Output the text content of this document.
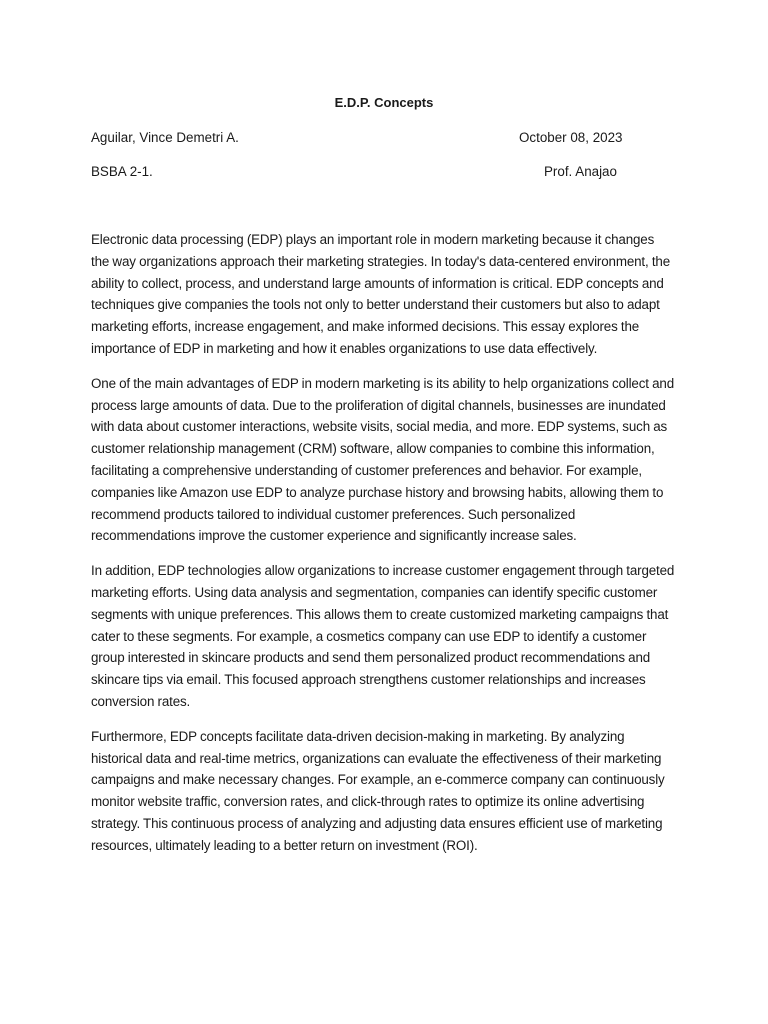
E.D.P. Concepts
Aguilar, Vince Demetri A.	October 08, 2023
BSBA 2-1.	Prof. Anajao

Electronic data processing (EDP) plays an important role in modern marketing because it changes the way organizations approach their marketing strategies. In today's data-centered environment, the ability to collect, process, and understand large amounts of information is critical. EDP concepts and techniques give companies the tools not only to better understand their customers but also to adapt marketing efforts, increase engagement, and make informed decisions. This essay explores the importance of EDP in marketing and how it enables organizations to use data effectively.

One of the main advantages of EDP in modern marketing is its ability to help organizations collect and process large amounts of data. Due to the proliferation of digital channels, businesses are inundated with data about customer interactions, website visits, social media, and more. EDP systems, such as customer relationship management (CRM) software, allow companies to combine this information, facilitating a comprehensive understanding of customer preferences and behavior. For example, companies like Amazon use EDP to analyze purchase history and browsing habits, allowing them to recommend products tailored to individual customer preferences. Such personalized recommendations improve the customer experience and significantly increase sales.

In addition, EDP technologies allow organizations to increase customer engagement through targeted marketing efforts. Using data analysis and segmentation, companies can identify specific customer segments with unique preferences. This allows them to create customized marketing campaigns that cater to these segments. For example, a cosmetics company can use EDP to identify a customer group interested in skincare products and send them personalized product recommendations and skincare tips via email. This focused approach strengthens customer relationships and increases conversion rates.

Furthermore, EDP concepts facilitate data-driven decision-making in marketing. By analyzing historical data and real-time metrics, organizations can evaluate the effectiveness of their marketing campaigns and make necessary changes. For example, an e-commerce company can continuously monitor website traffic, conversion rates, and click-through rates to optimize its online advertising strategy. This continuous process of analyzing and adjusting data ensures efficient use of marketing resources, ultimately leading to a better return on investment (ROI).
